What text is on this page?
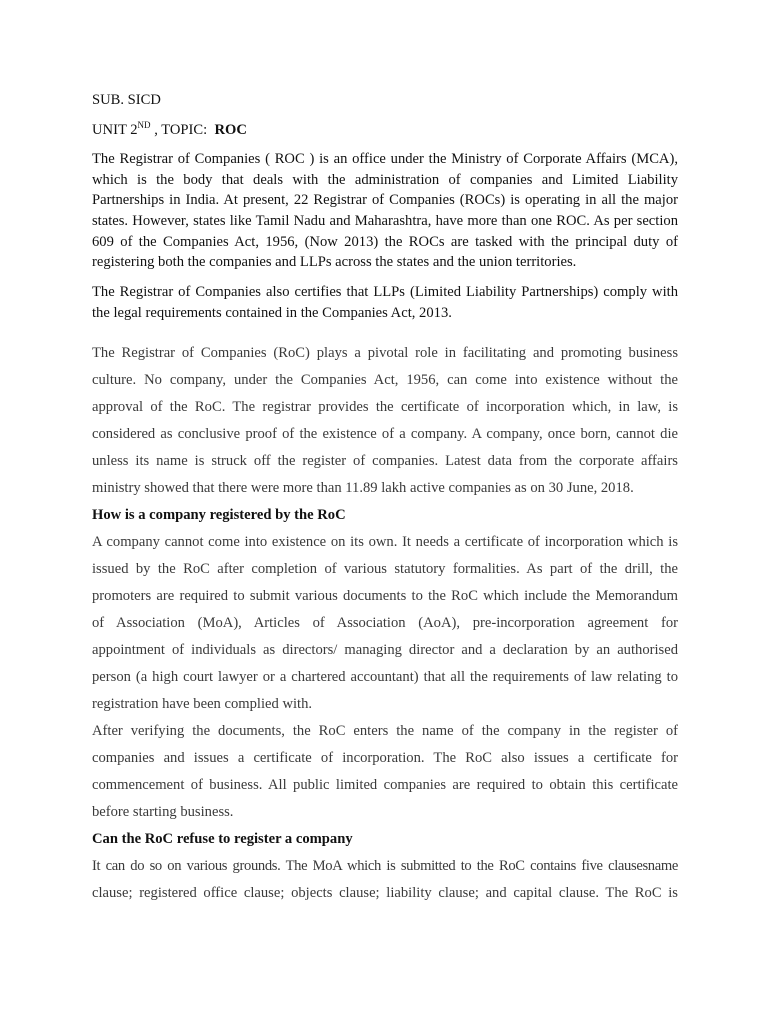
SUB. SICD
UNIT 2ND , TOPIC:  ROC
The Registrar of Companies ( ROC ) is an office under the Ministry of Corporate Affairs (MCA),
which is the body that deals with the administration of companies and Limited Liability
Partnerships in India. At present, 22 Registrar of Companies (ROCs) is operating in all the major
states. However, states like Tamil Nadu and Maharashtra, have more than one ROC. As per section
609 of the Companies Act, 1956, (Now 2013) the ROCs are tasked with the principal duty of
registering both the companies and LLPs across the states and the union territories.
The Registrar of Companies also certifies that LLPs (Limited Liability Partnerships) comply with
the legal requirements contained in the Companies Act, 2013.
The Registrar of Companies (RoC) plays a pivotal role in facilitating and promoting business
culture. No company, under the Companies Act, 1956, can come into existence without the
approval of the RoC. The registrar provides the certificate of incorporation which, in law, is
considered as conclusive proof of the existence of a company. A company, once born, cannot die
unless its name is struck off the register of companies. Latest data from the corporate affairs
ministry showed that there were more than 11.89 lakh active companies as on 30 June, 2018.
How is a company registered by the RoC
A company cannot come into existence on its own. It needs a certificate of incorporation which is
issued by the RoC after completion of various statutory formalities. As part of the drill, the
promoters are required to submit various documents to the RoC which include the Memorandum
of Association (MoA), Articles of Association (AoA), pre-incorporation agreement for
appointment of individuals as directors/ managing director and a declaration by an authorised
person (a high court lawyer or a chartered accountant) that all the requirements of law relating to
registration have been complied with.
After verifying the documents, the RoC enters the name of the company in the register of
companies and issues a certificate of incorporation. The RoC also issues a certificate for
commencement of business. All public limited companies are required to obtain this certificate
before starting business.
Can the RoC refuse to register a company
It can do so on various grounds. The MoA which is submitted to the RoC contains five clausesname
clause; registered office clause; objects clause; liability clause; and capital clause. The RoC is
